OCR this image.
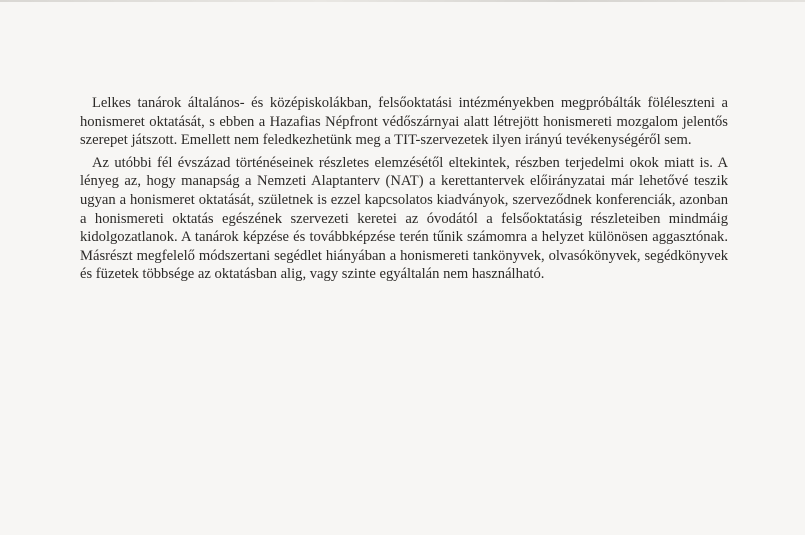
Lelkes tanárok általános- és középiskolákban, felsőoktatási intézményekben megpróbálták föléleszteni a honismeret oktatását, s ebben a Hazafias Népfront védőszárnyai alatt létrejött honismereti mozgalom jelentős szerepet játszott. Emellett nem feledkezhetünk meg a TIT-szervezetek ilyen irányú tevékenységéről sem.

Az utóbbi fél évszázad történéseinek részletes elemzésétől eltekintek, részben terjedelmi okok miatt is. A lényeg az, hogy manapság a Nemzeti Alaptanterv (NAT) a kerettantervek előirányzatai már lehetővé teszik ugyan a honismeret oktatását, születnek is ezzel kapcsolatos kiadványok, szerveződnek konferenciák, azonban a honismereti oktatás egészének szervezeti keretei az óvodától a felsőoktatásig részleteiben mindmáig kidolgozatlanok. A tanárok képzése és továbbképzése terén tűnik számomra a helyzet különösen aggasztónak. Másrészt megfelelő módszertani segédlet hiányában a honismereti tankönyvek, olvasókönyvek, segédkönyvek és füzetek többsége az oktatásban alig, vagy szinte egyáltalán nem használható.
